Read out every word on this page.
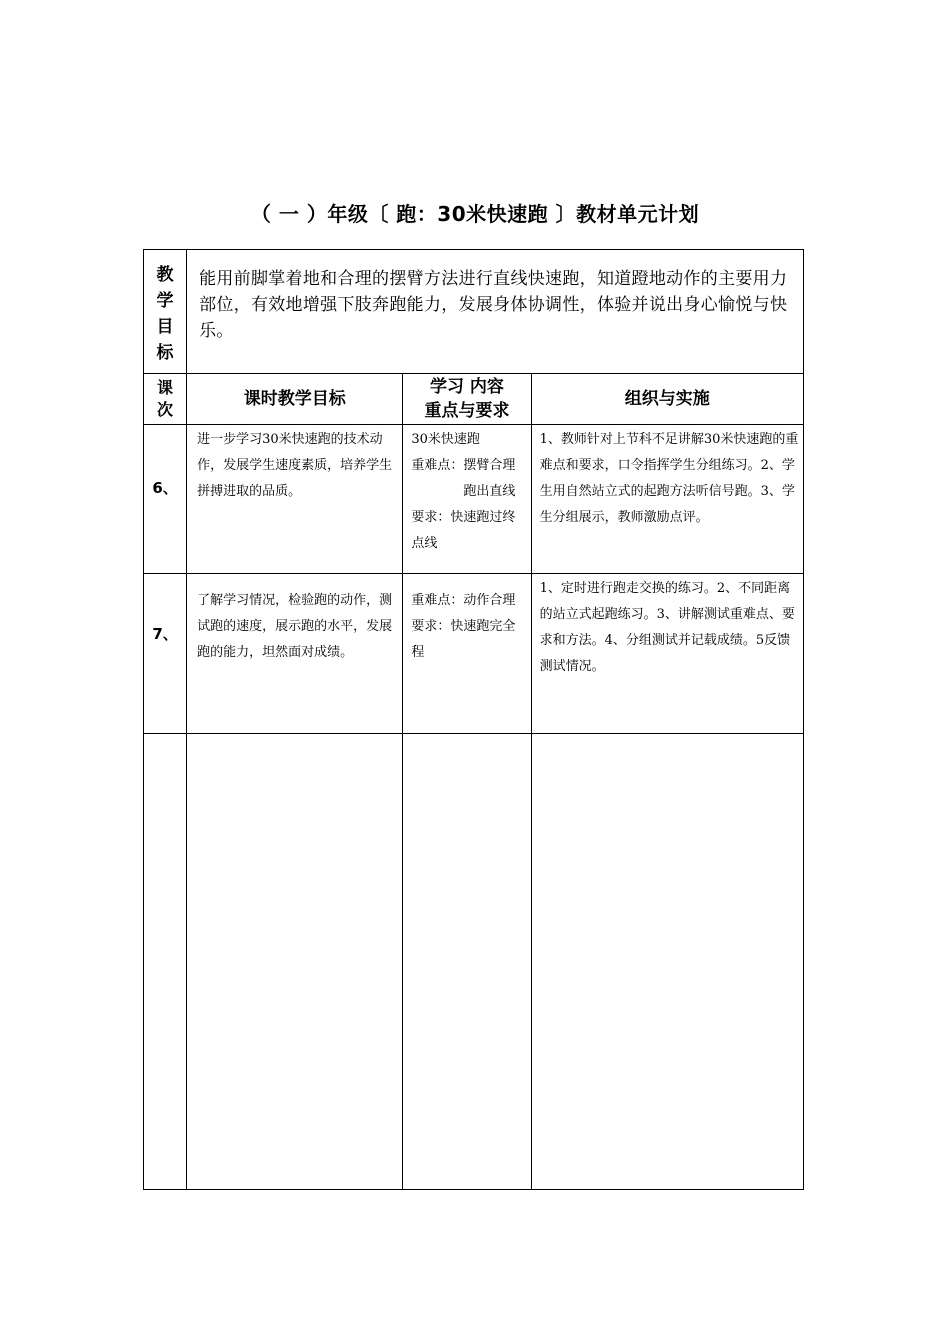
（ 一 ）年级〔 跑：30米快速跑 〕教材单元计划
教
学
目
标	能用前脚掌着地和合理的摆臂方法进行直线快速跑，知道蹬地动作的主要用力部位，有效地增强下肢奔跑能力，发展身体协调性，体验并说出身心愉悦与快乐。		

课
次	课时教学目标	学习 内容
重点与要求	组织与实施
6、	进一步学习30米快速跑的技术动作，发展学生速度素质，培养学生拼搏进取的品质。	30米快速跑
重难点：摆臂合理
跑出直线
要求：快速跑过终点线	1、教师针对上节科不足讲解30米快速跑的重难点和要求，口令指挥学生分组练习。2、学生用自然站立式的起跑方法听信号跑。3、学生分组展示，教师激励点评。
7、	了解学习情况，检验跑的动作，测试跑的速度，展示跑的水平，发展跑的能力，坦然面对成绩。	重难点：动作合理
要求：快速跑完全程	1、定时进行跑走交换的练习。2、不同距离的站立式起跑练习。3、讲解测试重难点、要求和方法。4、分组测试并记载成绩。5反馈测试情况。
